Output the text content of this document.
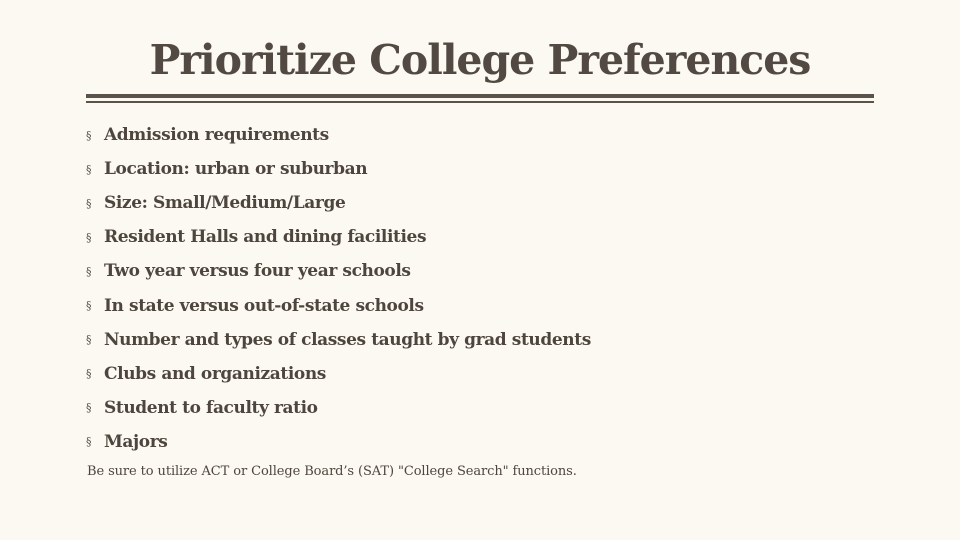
Prioritize College Preferences
§ Admission requirements
§ Location: urban or suburban
§ Size: Small/Medium/Large
§ Resident Halls and dining facilities
§ Two year versus four year schools
§ In state versus out-of-state schools
§ Number and types of classes taught by grad students
§ Clubs and organizations
§ Student to faculty ratio
§ Majors
Be sure to utilize ACT or College Board’s (SAT) "College Search" functions.
